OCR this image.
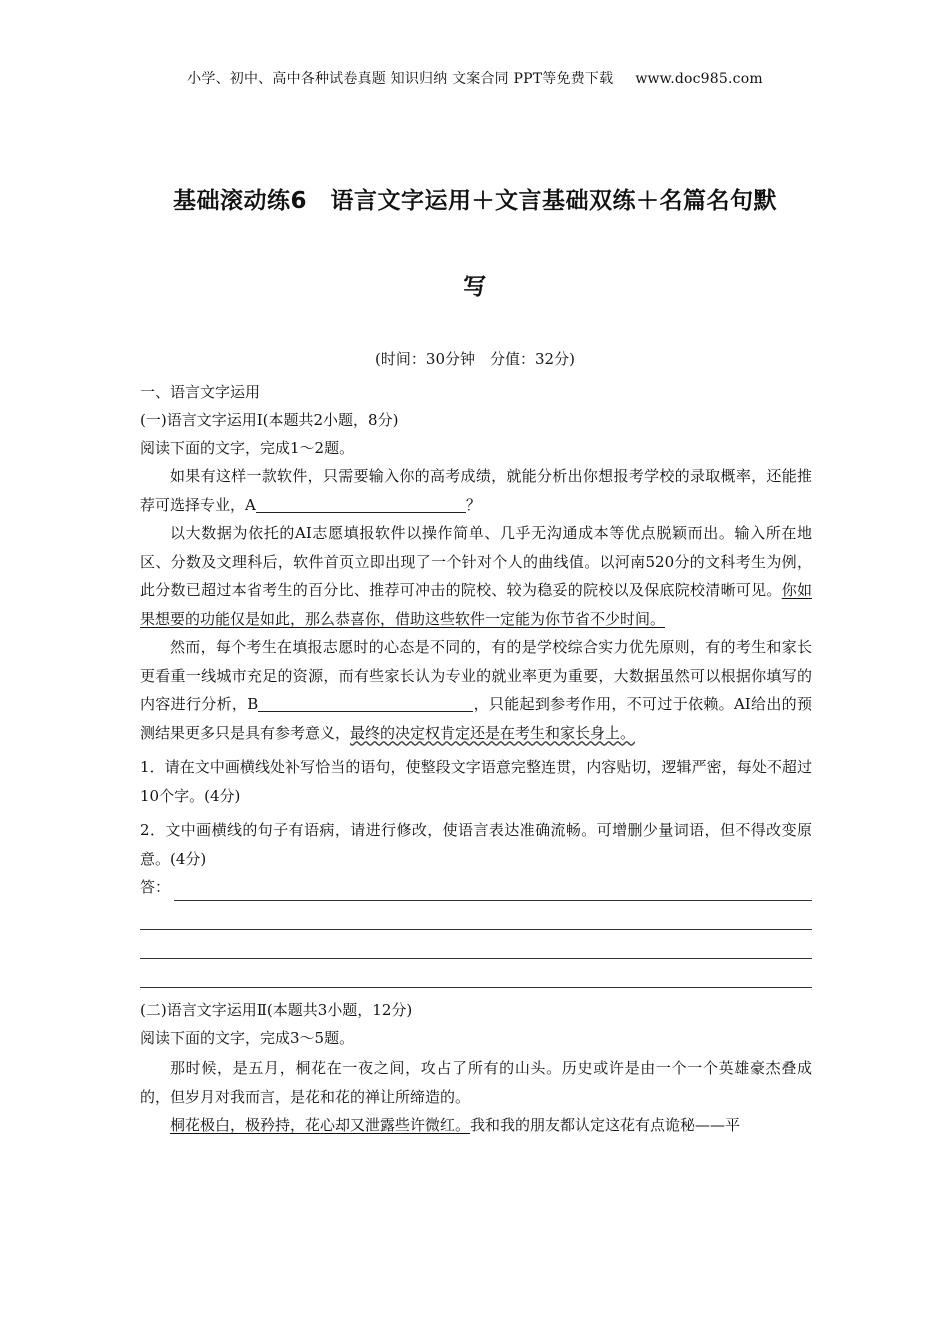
小学、初中、高中各种试卷真题 知识归纳 文案合同 PPT等免费下载 www.doc985.com
基础滚动练6　语言文字运用＋文言基础双练＋名篇名句默
写
(时间：30分钟　分值：32分)
一、语言文字运用
(一)语言文字运用Ⅰ(本题共2小题，8分)
阅读下面的文字，完成1～2题。

如果有这样一款软件，只需要输入你的高考成绩，就能分析出你想报考学校的录取概率，还能推荐可选择专业，A	？

以大数据为依托的AI志愿填报软件以操作简单、几乎无沟通成本等优点脱颖而出。输入所在地区、分数及文理科后，软件首页立即出现了一个针对个人的曲线值。以河南520分的文科考生为例，此分数已超过本省考生的百分比、推荐可冲击的院校、较为稳妥的院校以及保底院校清晰可见。你如果想要的功能仅是如此，那么恭喜你，借助这些软件一定能为你节省不少时间。

然而，每个考生在填报志愿时的心态是不同的，有的是学校综合实力优先原则，有的考生和家长更看重一线城市充足的资源，而有些家长认为专业的就业率更为重要，大数据虽然可以根据你填写的内容进行分析，B	，只能起到参考作用，不可过于依赖。AI给出的预测结果更多只是具有参考意义，最终的决定权肯定还是在考生和家长身上。

1．请在文中画横线处补写恰当的语句，使整段文字语意完整连贯，内容贴切，逻辑严密，每处不超过10个字。(4分)
2．文中画横线的句子有语病，请进行修改，使语言表达准确流畅。可增删少量词语，但不得改变原意。(4分)
答：
(二)语言文字运用Ⅱ(本题共3小题，12分)
阅读下面的文字，完成3～5题。

那时候，是五月，桐花在一夜之间，攻占了所有的山头。历史或许是由一个一个英雄豪杰叠成的，但岁月对我而言，是花和花的禅让所缔造的。

桐花极白，极矜持，花心却又泄露些许微红。我和我的朋友都认定这花有点诡秘——平
